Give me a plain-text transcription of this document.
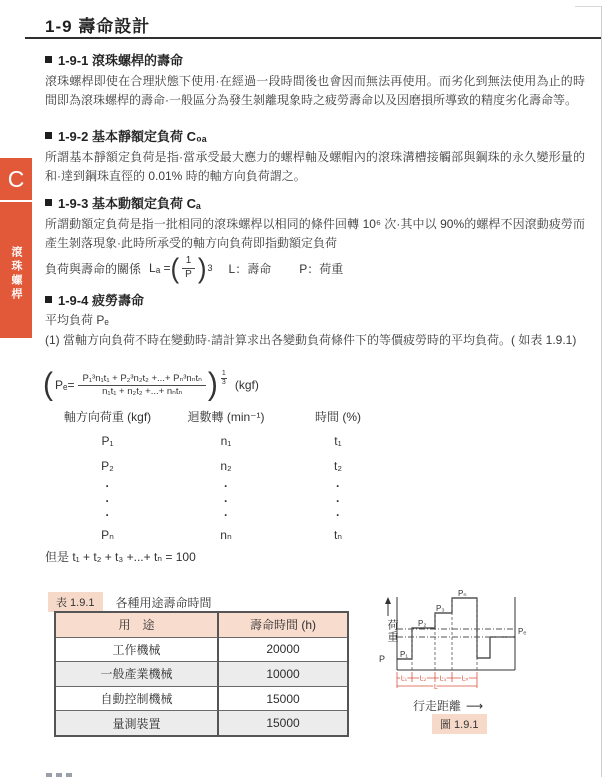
C
滾珠螺桿
1-9 壽命設計
1-9-1 滾珠螺桿的壽命
滾珠螺桿即使在合理狀態下使用·在經過一段時間後也會因而無法再使用。而劣化到無法使用為止的時間即為滾珠螺桿的壽命·一般區分為發生剝離現象時之疲勞壽命以及因磨損所導致的精度劣化壽命等。
1-9-2 基本靜額定負荷 C₀ₐ
所謂基本靜額定負荷是指·當承受最大應力的螺桿軸及螺帽內的滾珠溝槽接觸部與鋼珠的永久變形量的和·達到鋼珠直徑的 0.01% 時的軸方向負荷謂之。
1-9-3 基本動額定負荷 Cₐ
所謂動額定負荷是指一批相同的滾珠螺桿以相同的條件回轉 10⁶ 次·其中以 90%的螺桿不因滾動疲勞而產生剝落現象·此時所承受的軸方向負荷即指動額定負荷
負荷與壽命的關係 Lₐ = ( $\frac{1}{P}$ ) 3 L：壽命 P：荷重
1-9-4 疲勞壽命
平均負荷 Pₑ
(1) 當軸方向負荷不時在變動時·請計算求出各變動負荷條件下的等價疲勞時的平均負荷。( 如表 1.9.1)
( $P_e= \frac{\text{P₁³n₁t₁ + P₂³n₂t₂ +...+ Pₙ³nₙtₙ}}{\text{n₁t₁ + n₂t₂ +...+ nₙtₙ}}$ ) 1
3 (kgf)
軸方向荷重 (kgf)	迴數轉 (min⁻¹)	時間 (%)
P₁	n₁	t₁
P₂	n₂	t₂
·	·	·
·	·	·
·	·	·
Pₙ	nₙ	tₙ
但是 t₁ + t₂ + t₃ +...+ tₙ = 100
表 1.9.1	各種用途壽命時間
用　途	壽命時間 (h)
工作機械	20000
一般產業機械	10000
自動控制機械	15000
量測裝置	15000
P P₁
P₂
P₃
Pₙ
Pₑ
L₁ L₂ L₃ Lₙ
L
荷重
行走距離 ⟶
圖 1.9.1
